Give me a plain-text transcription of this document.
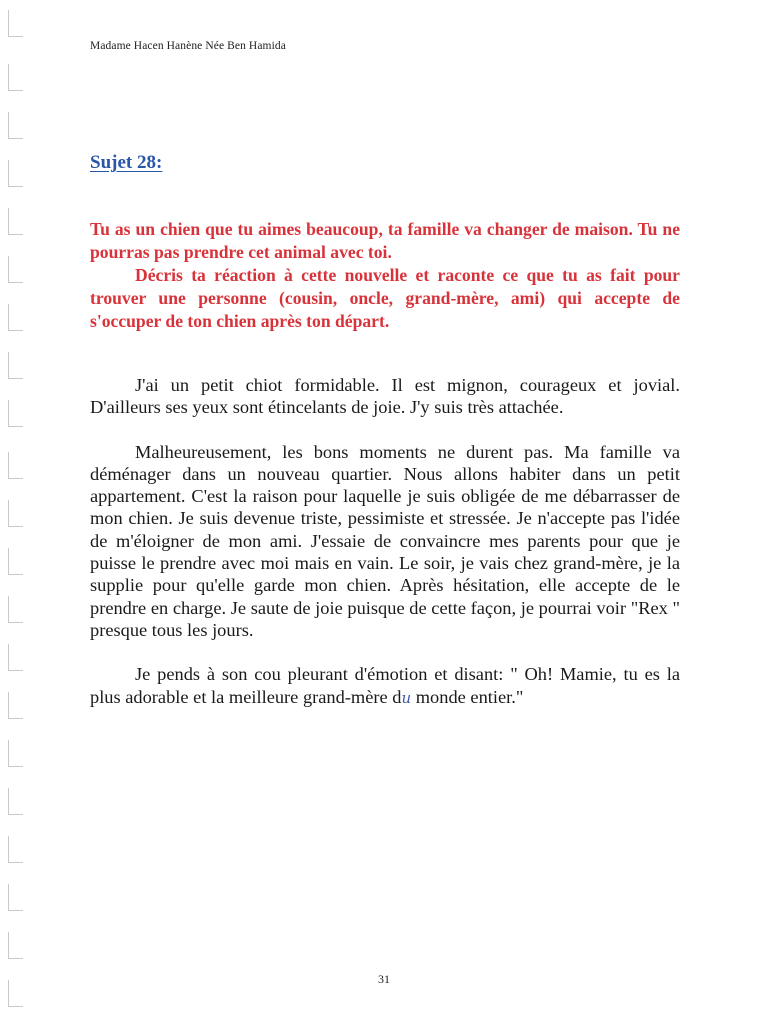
Madame Hacen Hanène Née Ben Hamida
Sujet 28:

Tu as un chien que tu aimes beaucoup, ta famille va changer de maison. Tu ne pourras pas prendre cet animal avec toi.

Décris ta réaction à cette nouvelle et raconte ce que tu as fait pour trouver une personne (cousin, oncle, grand-mère, ami) qui accepte de s'occuper de ton chien après ton départ.

J'ai un petit chiot formidable. Il est mignon, courageux et jovial. D'ailleurs ses yeux sont étincelants de joie. J'y suis très attachée.

Malheureusement, les bons moments ne durent pas. Ma famille va déménager dans un nouveau quartier. Nous allons habiter dans un petit appartement. C'est la raison pour laquelle je suis obligée de me débarrasser de mon chien. Je suis devenue triste, pessimiste et stressée. Je n'accepte pas l'idée de m'éloigner de mon ami. J'essaie de convaincre mes parents pour que je puisse le prendre avec moi mais en vain. Le soir, je vais chez grand-mère, je la supplie pour qu'elle garde mon chien. Après hésitation, elle accepte de le prendre en charge. Je saute de joie puisque de cette façon, je pourrai voir "Rex " presque tous les jours.

Je pends à son cou pleurant d'émotion et disant: " Oh! Mamie, tu es la plus adorable et la meilleure grand-mère du monde entier."

31
